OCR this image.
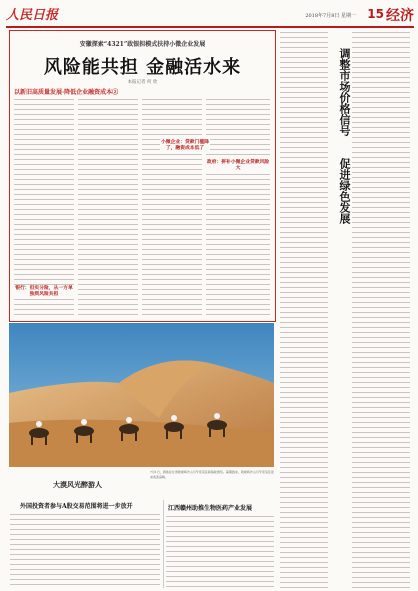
人民日报	2018年7月8日 星期一 15 经济
安徽探索“4321”政银担模式扶持小微企业发展
风险能共担 金融活水来
本报记者 何 欣
以新旧高质量发展·降低企业融资成本②
小微企业：贷款门槛降了，融资成本低了
政府：拼补小微企业贷款风险大
银行：但实分险，从一方单独到风险共担
调整市场价格信号
促进绿色发展
7月1日，游客在甘肃敦煌鸣沙山月牙泉景区骑骆驼游览。暑期到来，敦煌鸣沙山月牙泉景区迎来客流高峰。
大漠风光醉游人
外国投资者参与A股交易范围将进一步放开	江西赣州助推生物医药产业发展
